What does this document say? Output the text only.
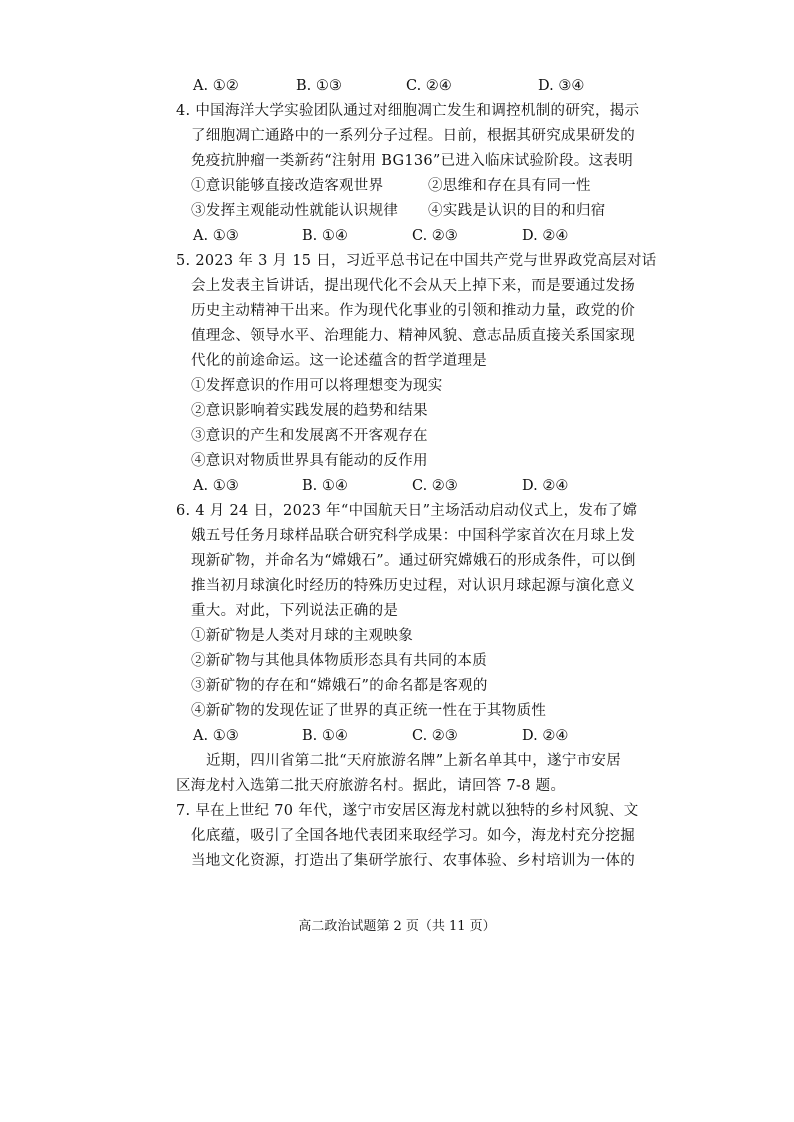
A. ①②	B. ①③	C. ②④	D. ③④
4. 中国海洋大学实验团队通过对细胞凋亡发生和调控机制的研究，揭示
了细胞凋亡通路中的一系列分子过程。日前，根据其研究成果研发的
免疫抗肿瘤一类新药“注射用 BG136”已进入临床试验阶段。这表明
①意识能够直接改造客观世界	②思维和存在具有同一性
③发挥主观能动性就能认识规律 ④实践是认识的目的和归宿
A. ①③	B. ①④	C. ②③	D. ②④
5. 2023 年 3 月 15 日，习近平总书记在中国共产党与世界政党高层对话
会上发表主旨讲话，提出现代化不会从天上掉下来，而是要通过发扬
历史主动精神干出来。作为现代化事业的引领和推动力量，政党的价
值理念、领导水平、治理能力、精神风貌、意志品质直接关系国家现
代化的前途命运。这一论述蕴含的哲学道理是
①发挥意识的作用可以将理想变为现实
②意识影响着实践发展的趋势和结果
③意识的产生和发展离不开客观存在
④意识对物质世界具有能动的反作用
A. ①③	B. ①④	C. ②③	D. ②④
6. 4 月 24 日，2023 年“中国航天日”主场活动启动仪式上，发布了嫦
娥五号任务月球样品联合研究科学成果：中国科学家首次在月球上发
现新矿物，并命名为“嫦娥石”。通过研究嫦娥石的形成条件，可以倒
推当初月球演化时经历的特殊历史过程，对认识月球起源与演化意义
重大。对此，下列说法正确的是
①新矿物是人类对月球的主观映象
②新矿物与其他具体物质形态具有共同的本质
③新矿物的存在和“嫦娥石”的命名都是客观的
④新矿物的发现佐证了世界的真正统一性在于其物质性
A. ①③	B. ①④	C. ②③	D. ②④
近期，四川省第二批“天府旅游名牌”上新名单其中，遂宁市安居
区海龙村入选第二批天府旅游名村。据此，请回答 7-8 题。
7. 早在上世纪 70 年代，遂宁市安居区海龙村就以独特的乡村风貌、文
化底蕴，吸引了全国各地代表团来取经学习。如今，海龙村充分挖掘
当地文化资源，打造出了集研学旅行、农事体验、乡村培训为一体的
高二政治试题第 2 页（共 11 页）
